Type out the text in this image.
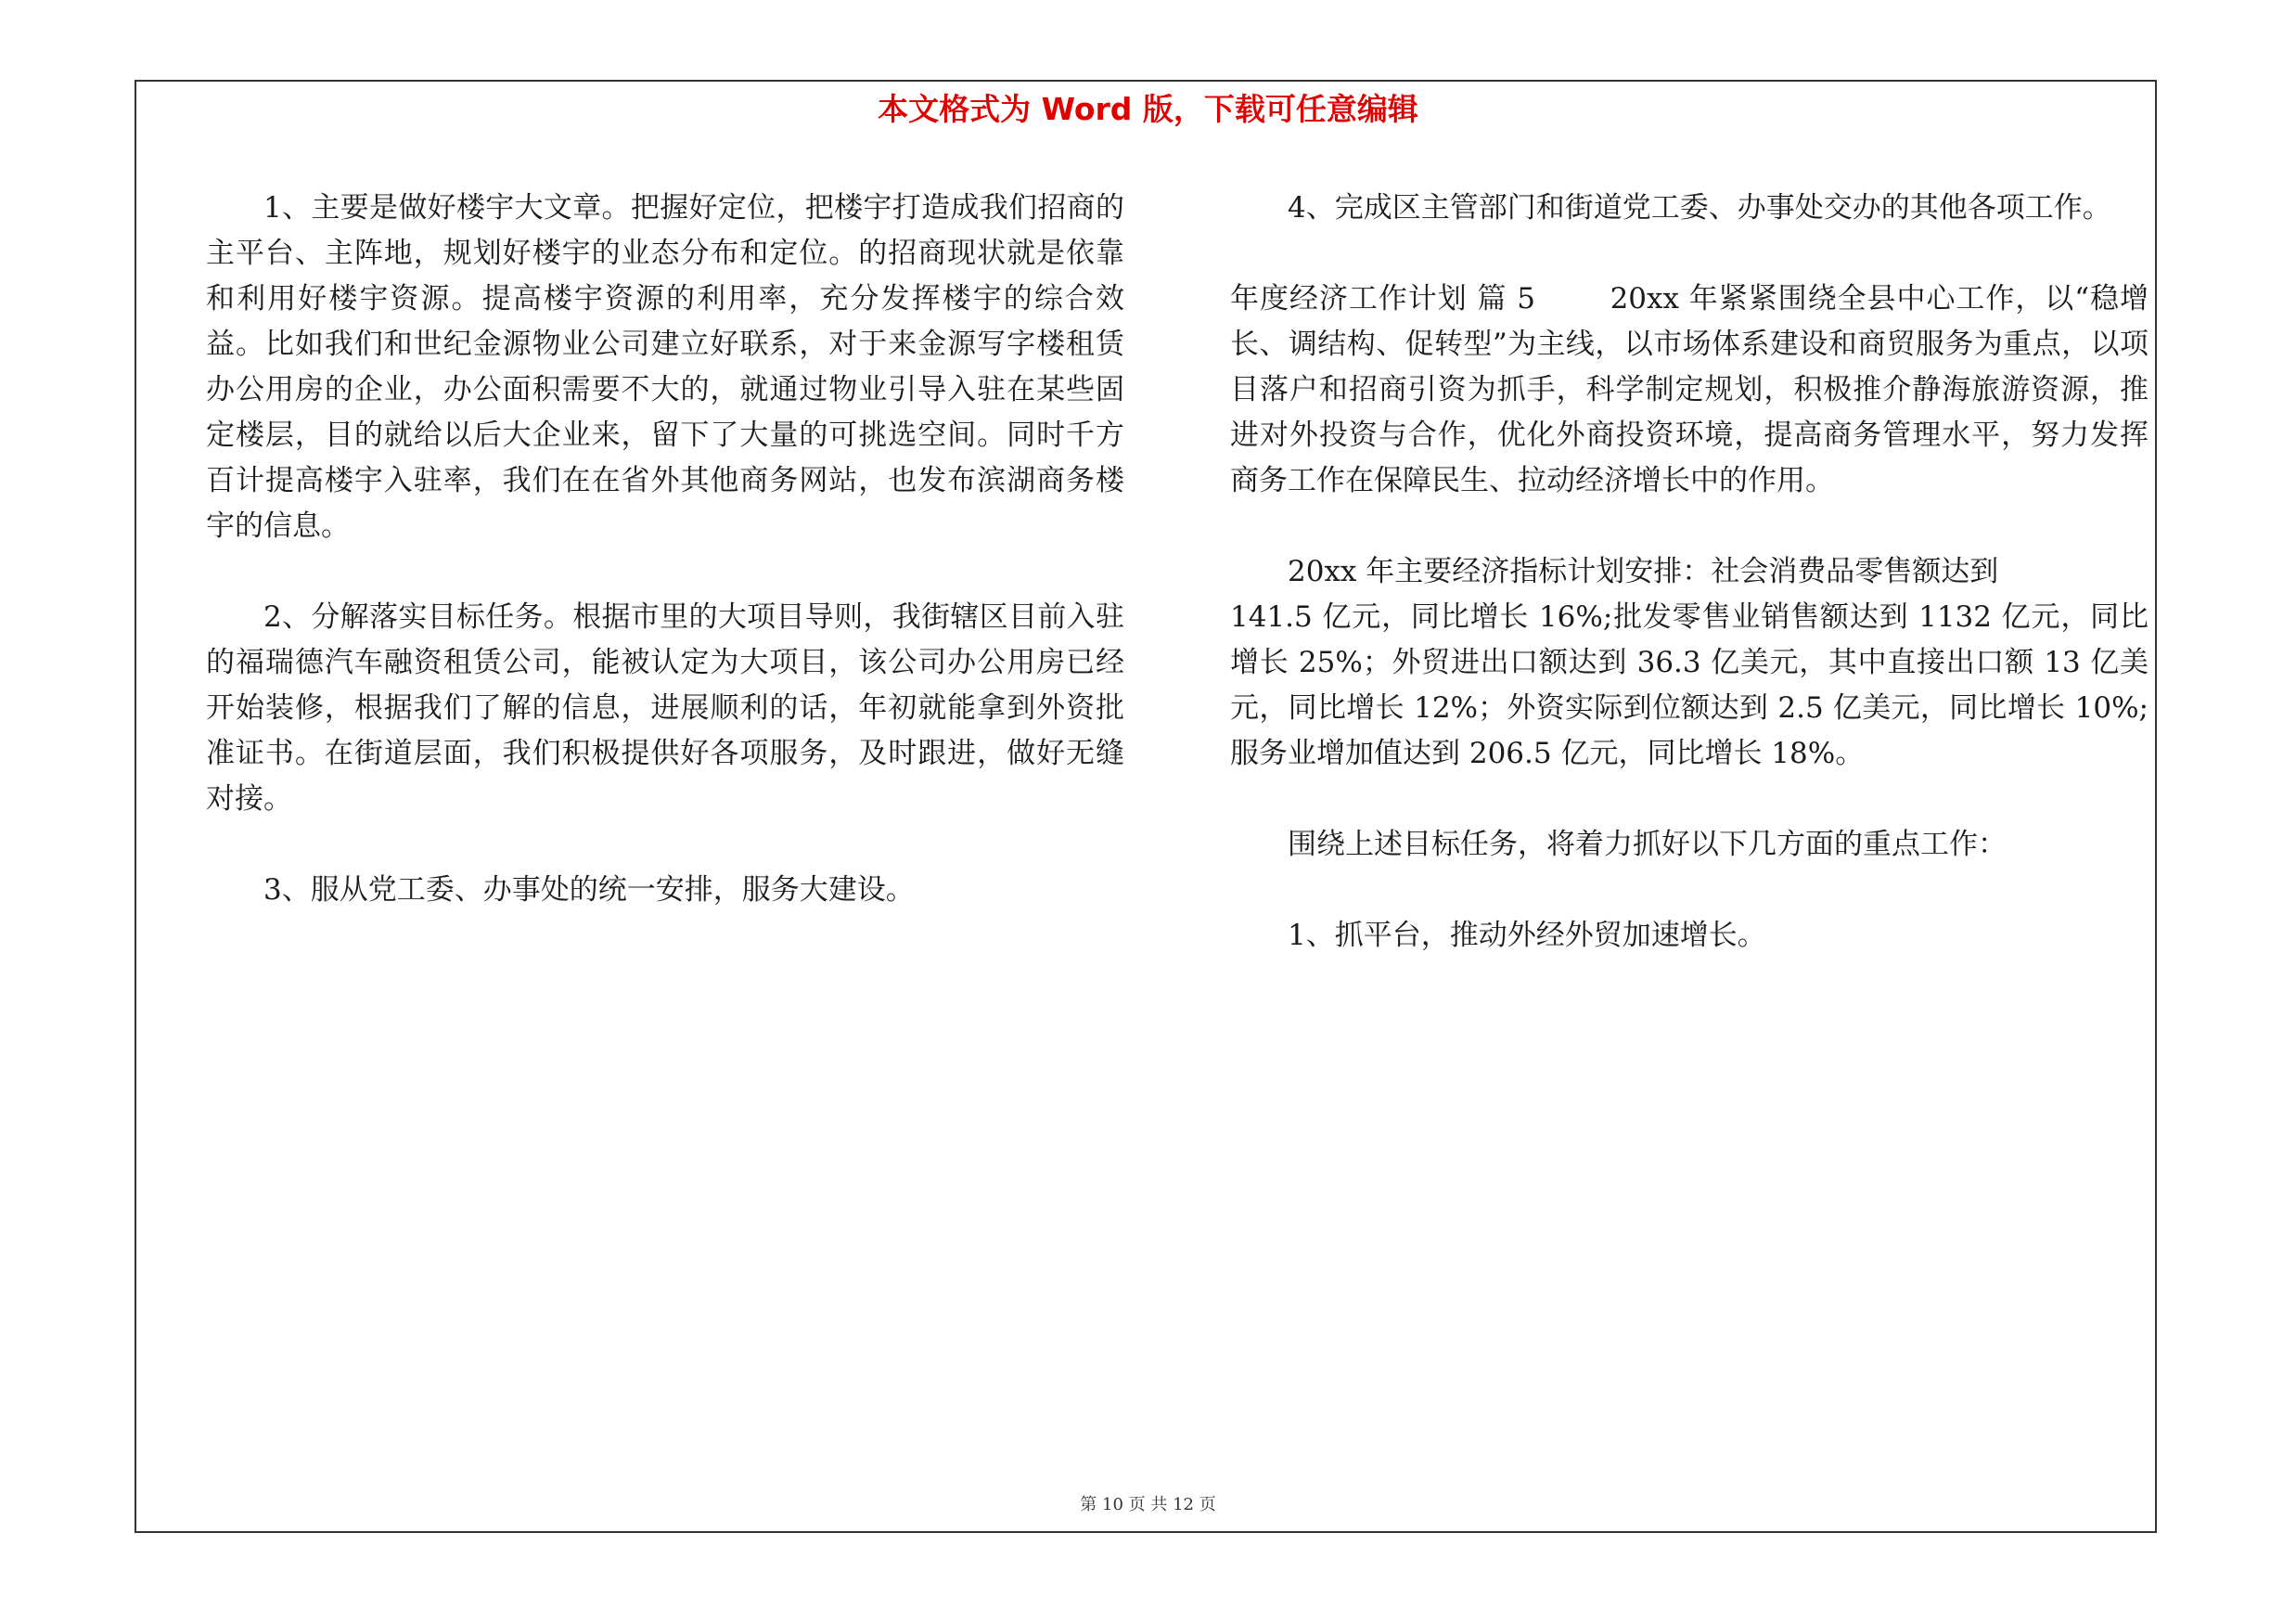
本文格式为 Word 版，下载可任意编辑

1、主要是做好楼宇大文章。把握好定位，把楼宇打造成我们招商的主平台、主阵地，规划好楼宇的业态分布和定位。的招商现状就是依靠和利用好楼宇资源。提高楼宇资源的利用率，充分发挥楼宇的综合效益。比如我们和世纪金源物业公司建立好联系，对于来金源写字楼租赁办公用房的企业，办公面积需要不大的，就通过物业引导入驻在某些固定楼层，目的就给以后大企业来，留下了大量的可挑选空间。同时千方百计提高楼宇入驻率，我们在在省外其他商务网站，也发布滨湖商务楼宇的信息。

2、分解落实目标任务。根据市里的大项目导则，我街辖区目前入驻的福瑞德汽车融资租赁公司，能被认定为大项目，该公司办公用房已经开始装修，根据我们了解的信息，进展顺利的话，年初就能拿到外资批准证书。在街道层面，我们积极提供好各项服务，及时跟进，做好无缝对接。

3、服从党工委、办事处的统一安排，服务大建设。

4、完成区主管部门和街道党工委、办事处交办的其他各项工作。

年度经济工作计划 篇 5	20xx 年紧紧围绕全县中心工作，以“稳增长、调结构、促转型”为主线，以市场体系建设和商贸服务为重点，以项目落户和招商引资为抓手，科学制定规划，积极推介静海旅游资源，推进对外投资与合作，优化外商投资环境，提高商务管理水平，努力发挥商务工作在保障民生、拉动经济增长中的作用。

20xx 年主要经济指标计划安排：社会消费品零售额达到

141.5 亿元，同比增长 16%;批发零售业销售额达到 1132 亿元，同比增长 25%；外贸进出口额达到 36.3 亿美元，其中直接出口额 13 亿美元，同比增长 12%；外资实际到位额达到 2.5 亿美元，同比增长 10%;服务业增加值达到 206.5 亿元，同比增长 18%。

围绕上述目标任务，将着力抓好以下几方面的重点工作：

1、抓平台，推动外经外贸加速增长。

第 10 页 共 12 页
